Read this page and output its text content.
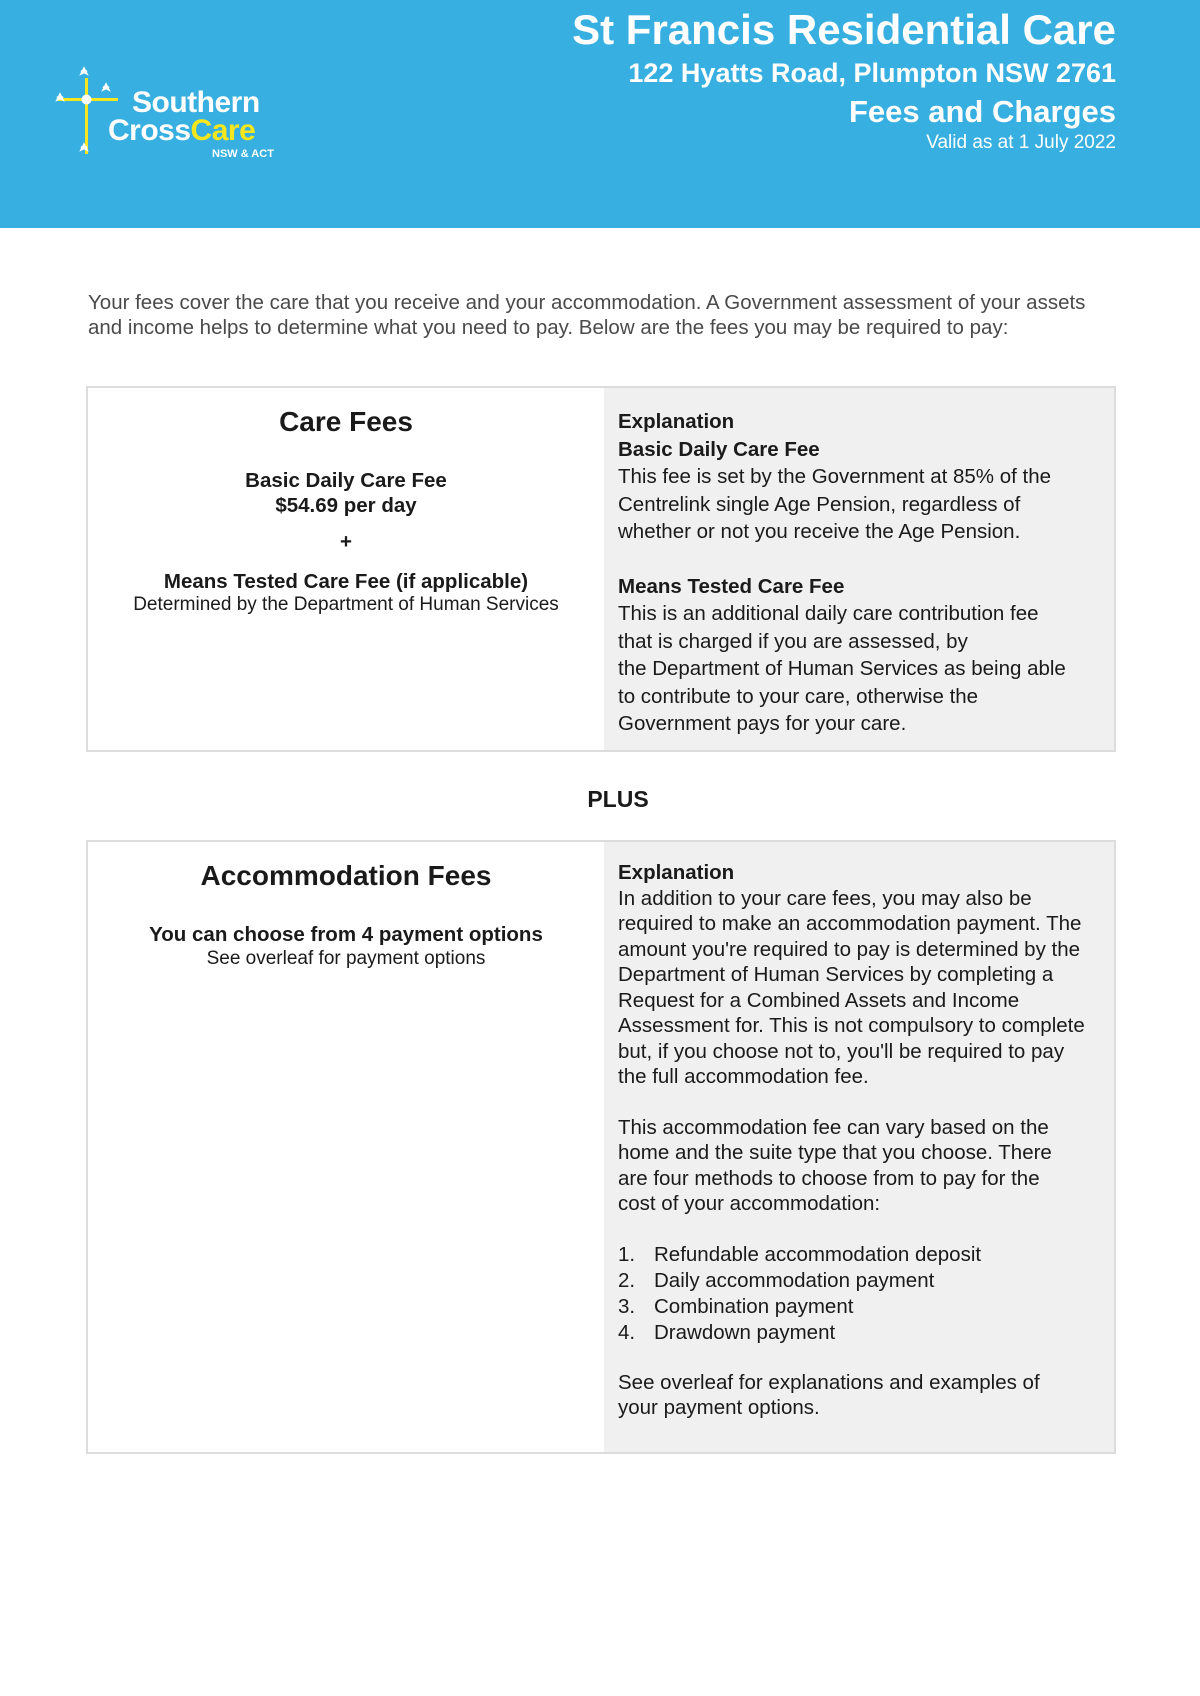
Southern
CrossCare
NSW & ACT
St Francis Residential Care
122 Hyatts Road, Plumpton NSW 2761
Fees and Charges
Valid as at 1 July 2022
Your fees cover the care that you receive and your accommodation. A Government assessment of your assets and income helps to determine what you need to pay. Below are the fees you may be required to pay:
Care Fees
Basic Daily Care Fee
$54.69 per day
+
Means Tested Care Fee (if applicable)
Determined by the Department of Human Services
Explanation
Basic Daily Care Fee
This fee is set by the Government at 85% of the
Centrelink single Age Pension, regardless of
whether or not you receive the Age Pension.
Means Tested Care Fee
This is an additional daily care contribution fee
that is charged if you are assessed, by
the Department of Human Services as being able
to contribute to your care, otherwise the
Government pays for your care.
PLUS
Accommodation Fees
You can choose from 4 payment options
See overleaf for payment options
Explanation
In addition to your care fees, you may also be
required to make an accommodation payment. The
amount you're required to pay is determined by the
Department of Human Services by completing a
Request for a Combined Assets and Income
Assessment for. This is not compulsory to complete
but, if you choose not to, you'll be required to pay
the full accommodation fee.
This accommodation fee can vary based on the
home and the suite type that you choose. There
are four methods to choose from to pay for the
cost of your accommodation:
1. Refundable accommodation deposit
2. Daily accommodation payment
3. Combination payment
4. Drawdown payment
See overleaf for explanations and examples of
your payment options.
